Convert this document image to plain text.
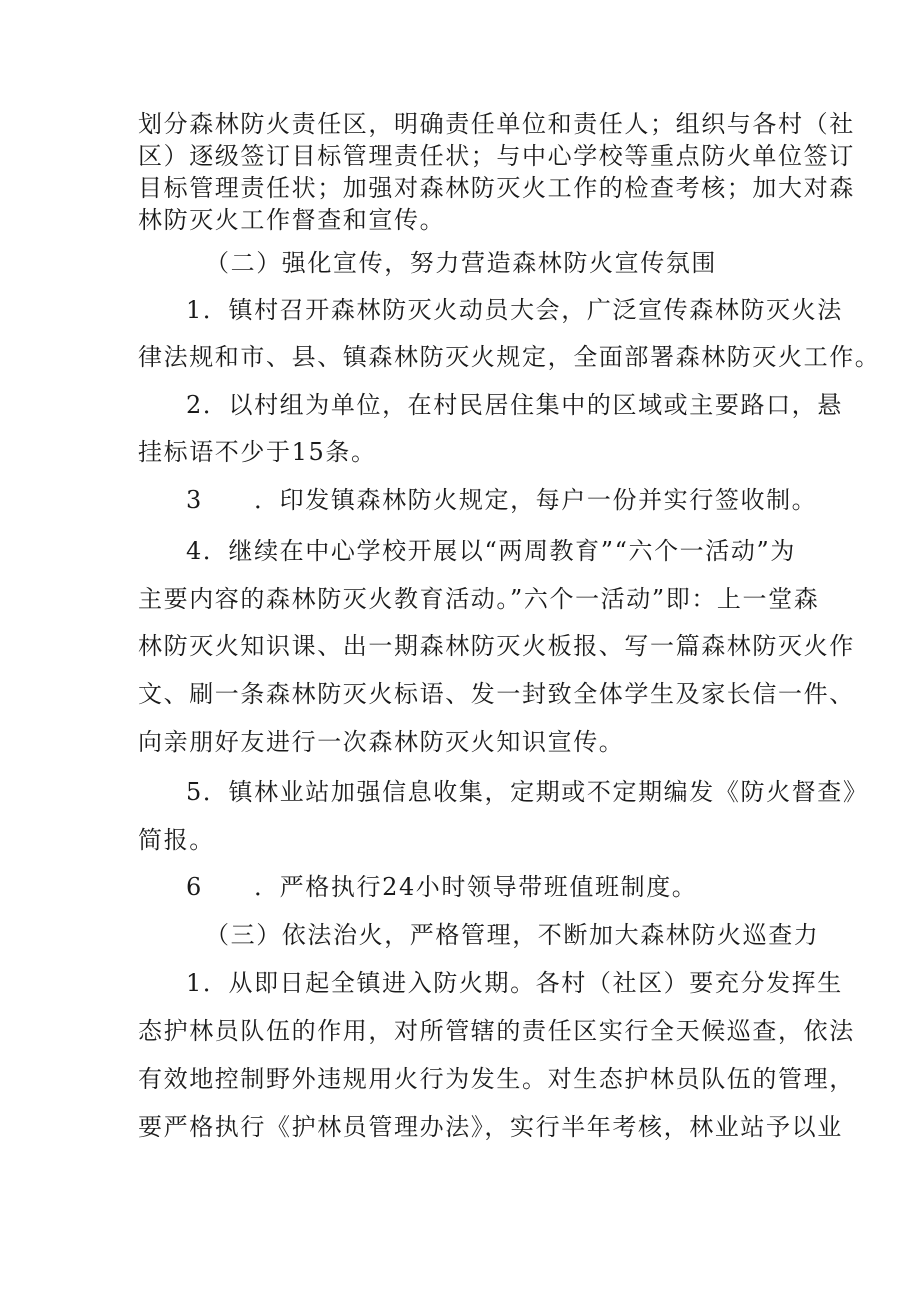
划分森林防火责任区，明确责任单位和责任人；组织与各村（社
区）逐级签订目标管理责任状；与中心学校等重点防火单位签订
目标管理责任状；加强对森林防灭火工作的检查考核；加大对森
林防灭火工作督查和宣传。
（二）强化宣传，努力营造森林防火宣传氛围
1．镇村召开森林防灭火动员大会，广泛宣传森林防灭火法
律法规和市、县、镇森林防灭火规定，全面部署森林防灭火工作。
2．以村组为单位，在村民居住集中的区域或主要路口，悬
挂标语不少于15条。
3　　．印发镇森林防火规定，每户一份并实行签收制。
4．继续在中心学校开展以“两周教育”“六个一活动”为
主要内容的森林防灭火教育活动。”六个一活动”即：上一堂森
林防灭火知识课、出一期森林防灭火板报、写一篇森林防灭火作
文、刷一条森林防灭火标语、发一封致全体学生及家长信一件、
向亲朋好友进行一次森林防灭火知识宣传。
5．镇林业站加强信息收集，定期或不定期编发《防火督查》
简报。
6　　．严格执行24小时领导带班值班制度。
（三）依法治火，严格管理，不断加大森林防火巡查力
1．从即日起全镇进入防火期。各村（社区）要充分发挥生
态护林员队伍的作用，对所管辖的责任区实行全天候巡查，依法
有效地控制野外违规用火行为发生。对生态护林员队伍的管理，
要严格执行《护林员管理办法》，实行半年考核，林业站予以业
